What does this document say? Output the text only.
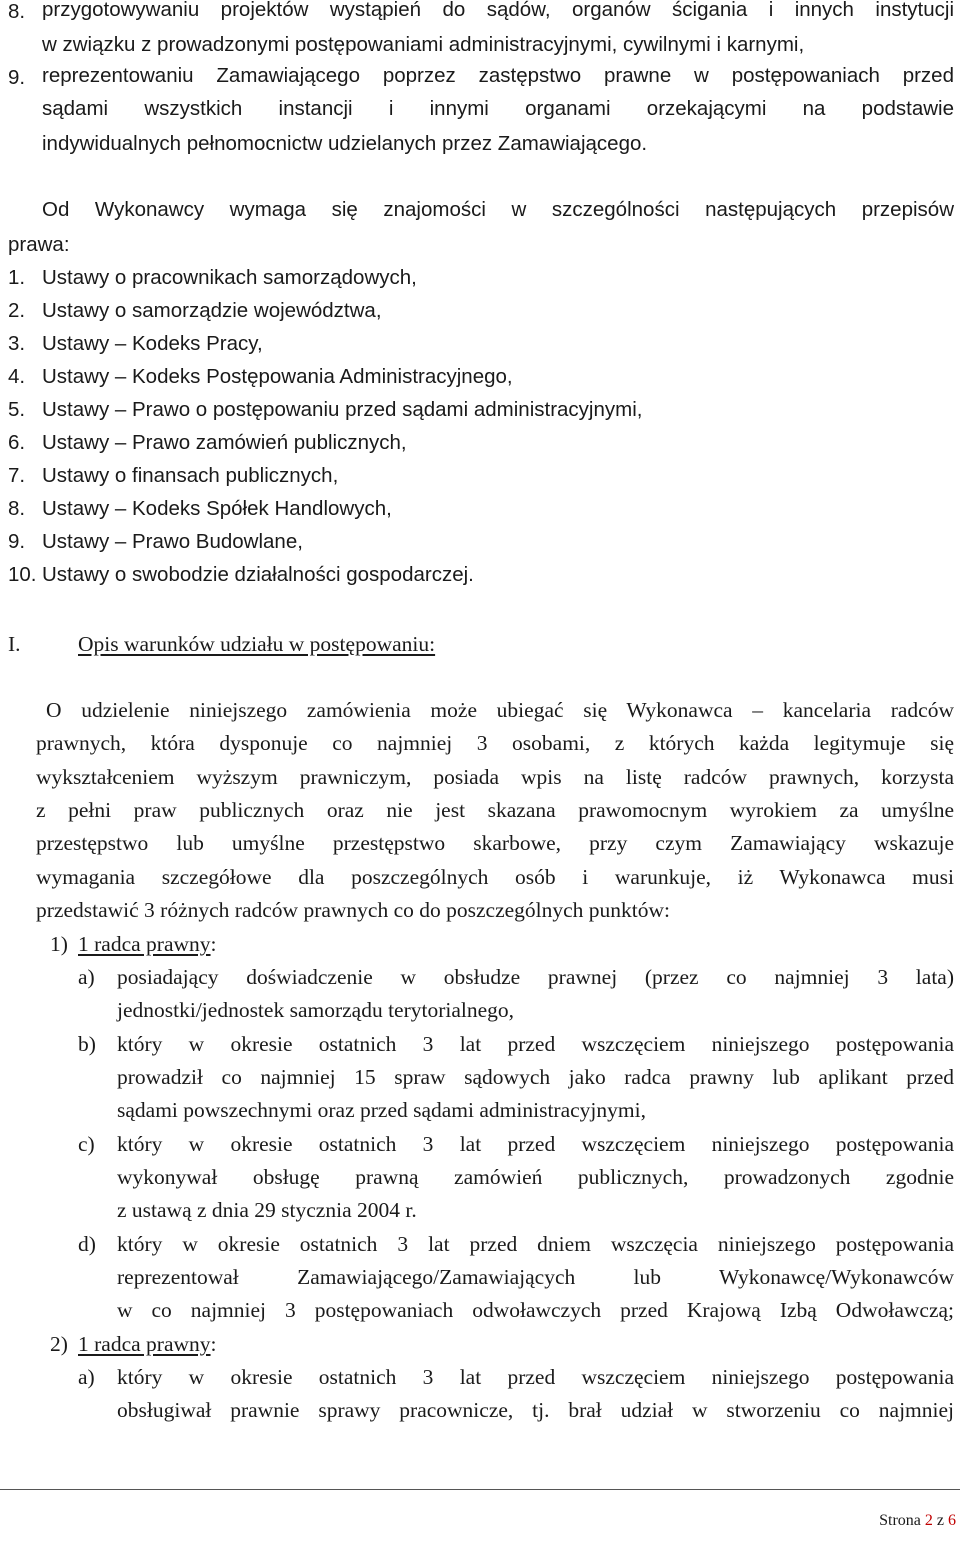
8. przygotowywaniu projektów wystąpień do sądów, organów ścigania i innych instytucji
w związku z prowadzonymi postępowaniami administracyjnymi, cywilnymi i karnymi,
9. reprezentowaniu Zamawiającego poprzez zastępstwo prawne w postępowaniach przed
sądami wszystkich instancji i innymi organami orzekającymi na podstawie
indywidualnych pełnomocnictw udzielanych przez Zamawiającego.
Od Wykonawcy wymaga się znajomości w szczególności następujących przepisów
prawa:
1. Ustawy o pracownikach samorządowych,
2. Ustawy o samorządzie województwa,
3. Ustawy – Kodeks Pracy,
4. Ustawy – Kodeks Postępowania Administracyjnego,
5. Ustawy – Prawo o postępowaniu przed sądami administracyjnymi,
6. Ustawy – Prawo zamówień publicznych,
7. Ustawy o finansach publicznych,
8. Ustawy – Kodeks Spółek Handlowych,
9. Ustawy – Prawo Budowlane,
10. Ustawy o swobodzie działalności gospodarczej.
I.	Opis warunków udziału w postępowaniu:
O udzielenie niniejszego zamówienia może ubiegać się Wykonawca – kancelaria radców
prawnych, która dysponuje co najmniej 3 osobami, z których każda legitymuje się
wykształceniem wyższym prawniczym, posiada wpis na listę radców prawnych, korzysta
z pełni praw publicznych oraz nie jest skazana prawomocnym wyrokiem za umyślne
przestępstwo lub umyślne przestępstwo skarbowe, przy czym Zamawiający wskazuje
wymagania szczegółowe dla poszczególnych osób i warunkuje, iż Wykonawca musi
przedstawić 3 różnych radców prawnych co do poszczególnych punktów:
1) 1 radca prawny:
a) posiadający doświadczenie w obsłudze prawnej (przez co najmniej 3 lata)
jednostki/jednostek samorządu terytorialnego,
b) który w okresie ostatnich 3 lat przed wszczęciem niniejszego postępowania
prowadził co najmniej 15 spraw sądowych jako radca prawny lub aplikant przed
sądami powszechnymi oraz przed sądami administracyjnymi,
c) który w okresie ostatnich 3 lat przed wszczęciem niniejszego postępowania
wykonywał obsługę prawną zamówień publicznych, prowadzonych zgodnie
z ustawą z dnia 29 stycznia 2004 r.
d) który w okresie ostatnich 3 lat przed dniem wszczęcia niniejszego postępowania
reprezentował Zamawiającego/Zamawiających lub Wykonawcę/Wykonawców
w co najmniej 3 postępowaniach odwoławczych przed Krajową Izbą Odwoławczą;
2) 1 radca prawny:
a) który w okresie ostatnich 3 lat przed wszczęciem niniejszego postępowania
obsługiwał prawnie sprawy pracownicze, tj. brał udział w stworzeniu co najmniej
Strona 2 z 6
